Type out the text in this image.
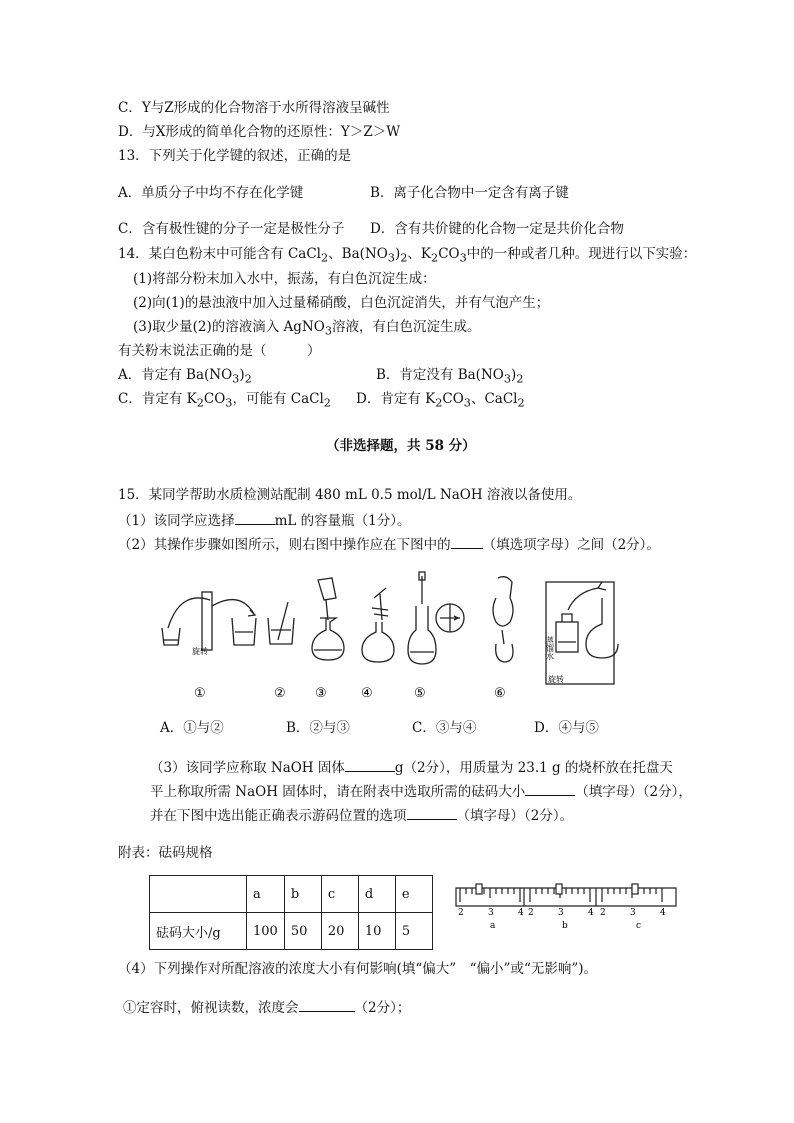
C．Y与Z形成的化合物溶于水所得溶液呈碱性
D．与X形成的简单化合物的还原性：Y＞Z＞W
13．下列关于化学键的叙述，正确的是
A．单质分子中均不存在化学键	B．离子化合物中一定含有离子键
C．含有极性键的分子一定是极性分子 D．含有共价键的化合物一定是共价化合物
14．某白色粉末中可能含有 CaCl$_2$、$Ba(NO_3)_2$、$K_2CO_3$中的一种或者几种。现进行以下实验：
(1)将部分粉末加入水中，振荡，有白色沉淀生成：
(2)向(1)的悬浊液中加入过量稀硝酸，白色沉淀消失，并有气泡产生；
(3)取少量(2)的溶液滴入 AgNO$_3$溶液，有白色沉淀生成。
有关粉末说法正确的是（　　　）
A．肯定有 $Ba(NO_3)_2$	B．肯定没有 $Ba(NO_3)_2$
C．肯定有 $K_2CO_3$，可能有 CaCl$_2$ D．肯定有 $K_2CO_3$、CaCl$_2$
（非选择题，共 58 分）
15．某同学帮助水质检测站配制 480 mL 0.5 mol/L NaOH 溶液以备使用。
（1）该同学应选择	mL 的容量瓶（1分）。
（2）其操作步骤如图所示，则右图中操作应在下图中的 （填选项字母）之间（2分）。
蒸馏水
旋转
旋转
①	② ③	④	⑤	⑥
A．①与②	B．②与③	C．③与④	D．④与⑤
（3）该同学应称取 NaOH 固体	g（2分），用质量为 23.1 g 的烧杯放在托盘天
平上称取所需 NaOH 固体时，请在附表中选取所需的砝码大小	（填字母）（2分），
并在下图中选出能正确表示游码位置的选项	（填字母）（2分）。
附表：砝码规格
	a	b	c	d	e
砝码大小/g	100	50	20	10	5
2	3	4 2	3	4 2	3	4
a	b	c
（4）下列操作对所配溶液的浓度大小有何影响(填“偏大”　“偏小”或“无影响”)。
①定容时，俯视读数，浓度会	（2分）；
